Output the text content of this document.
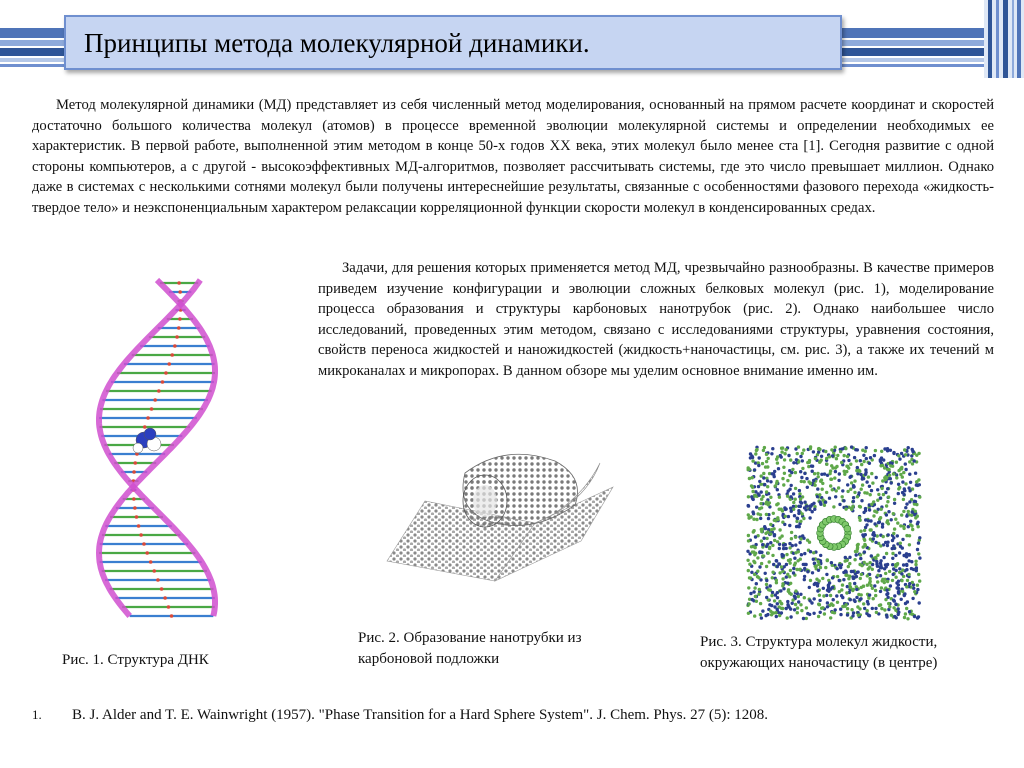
Принципы метода молекулярной динамики.
Метод молекулярной динамики (МД) представляет из себя численный метод моделирования, основанный на прямом расчете координат и скоростей достаточно большого количества молекул (атомов) в процессе временной эволюции молекулярной системы и определении необходимых ее характеристик. В первой работе, выполненной этим методом в конце 50-х годов XX века, этих молекул было менее ста [1]. Сегодня развитие с одной стороны компьютеров, а с другой - высокоэффективных МД-алгоритмов, позволяет рассчитывать системы, где это число превышает миллион. Однако даже в системах с несколькими сотнями молекул были получены интереснейшие результаты, связанные с особенностями фазового перехода «жидкость-твердое тело» и неэкспоненциальным характером релаксации корреляционной функции скорости молекул в конденсированных средах.
Задачи, для решения которых применяется метод МД, чрезвычайно разнообразны. В качестве примеров приведем изучение конфигурации и эволюции сложных белковых молекул (рис. 1), моделирование процесса образования и структуры карбоновых нанотрубок (рис. 2). Однако наибольшее число исследований, проведенных этим методом, связано с исследованиями структуры, уравнения состояния, свойств переноса жидкостей и наножидкостей (жидкость+наночастицы, см. рис. 3), а также их течений м микроканалах и микропорах. В данном обзоре мы уделим основное внимание именно им.
Рис. 1. Структура ДНК
Рис. 2. Образование нанотрубки из карбоновой подложки
Рис. 3. Структура молекул жидкости, окружающих наночастицу (в центре)
1. B. J. Alder and T. E. Wainwright (1957). "Phase Transition for a Hard Sphere System". J. Chem. Phys. 27 (5): 1208.
